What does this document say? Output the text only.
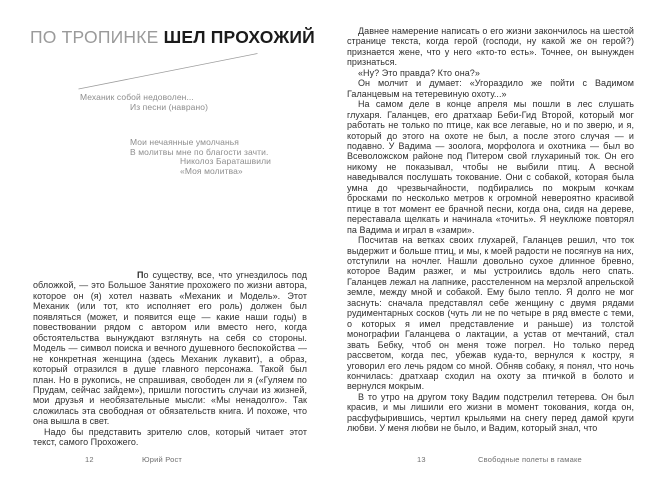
ПО ТРОПИНКЕ ШЕЛ ПРОХОЖИЙ
Механик собой недоволен...
Из песни (наврано)
Мои нечаянные умолчанья
В молитвы мне по благости зачти.
Николоз Бараташвили
«Моя молитва»

По существу, все, что угнездилось под обложкой, — это Большое Занятие прохожего по жизни автора, которое он (я) хотел назвать «Механик и Модель». Этот Механик (или тот, кто исполняет его роль) должен был появляться (может, и появится еще — какие наши годы) в повествовании рядом с автором или вместо него, когда обстоятельства вынуждают взглянуть на себя со стороны. Модель — символ поиска и вечного душевного беспокойства — не конкретная женщина (здесь Механик лукавит), а образ, который отразился в душе главного персонажа. Такой был план. Но в рукопись, не спрашивая, свободен ли я («Гуляем по Прудам, сейчас зайдем»), пришли погостить случаи из жизней, мои друзья и необязательные мысли: «Мы ненадолго». Так сложилась эта свободная от обязательств книга. И похоже, что она вышла в свет.

Надо бы представить зрителю слов, который читает этот текст, самого Прохожего.

12	Юрий Рост

Давнее намерение написать о его жизни закончилось на шестой странице текста, когда герой (господи, ну какой же он герой?) признается жене, что у него «кто-то есть». Точнее, он вынужден признаться.

«Ну? Это правда? Кто она?»

Он молчит и думает: «Угораздило же пойти с Вадимом Галанцевым на тетеревиную охоту...»

На самом деле в конце апреля мы пошли в лес слушать глухаря. Галанцев, его дратхаар Беби-Гид Второй, который мог работать не только по птице, как все легавые, но и по зверю, и я, который до этого на охоте не был, а после этого случая — и подавно. У Вадима — зоолога, морфолога и охотника — был во Всеволожском районе под Питером свой глухариный ток. Он его никому не показывал, чтобы не выбили птиц. А весной наведывался послушать токование. Они с собакой, которая была умна до чрезвычайности, подбирались по мокрым кочкам бросками по несколько метров к огромной невероятно красивой птице в тот момент ее брачной песни, когда она, сидя на дереве, переставала щелкать и начинала «точить». Я неуклюже повторял па Вадима и играл в «замри».

Посчитав на ветках своих глухарей, Галанцев решил, что ток выдержит и больше птиц, и мы, к моей радости не посягнув на них, отступили на ночлег. Нашли довольно сухое длинное бревно, которое Вадим разжег, и мы устроились вдоль него спать. Галанцев лежал на лапнике, расстеленном на мерзлой апрельской земле, между мной и собакой. Ему было тепло. Я долго не мог заснуть: сначала представлял себе женщину с двумя рядами рудиментарных сосков (чуть ли не по четыре в ряд вместе с теми, о которых я имел представление и раньше) из толстой монографии Галанцева о лактации, а устав от мечтаний, стал звать Бебку, чтоб он меня тоже погрел. Но только перед рассветом, когда пес, убежав куда-то, вернулся к костру, я уговорил его лечь рядом со мной. Обняв собаку, я понял, что ночь кончилась: дратхаар сходил на охоту за птичкой в болото и вернулся мокрым.

В то утро на другом току Вадим подстрелил тетерева. Он был красив, и мы лишили его жизни в момент токования, когда он, расфуфырившись, чертил крыльями на снегу перед дамой круги любви. У меня любви не было, и Вадим, который знал, что

13	Свободные полеты в гамаке
